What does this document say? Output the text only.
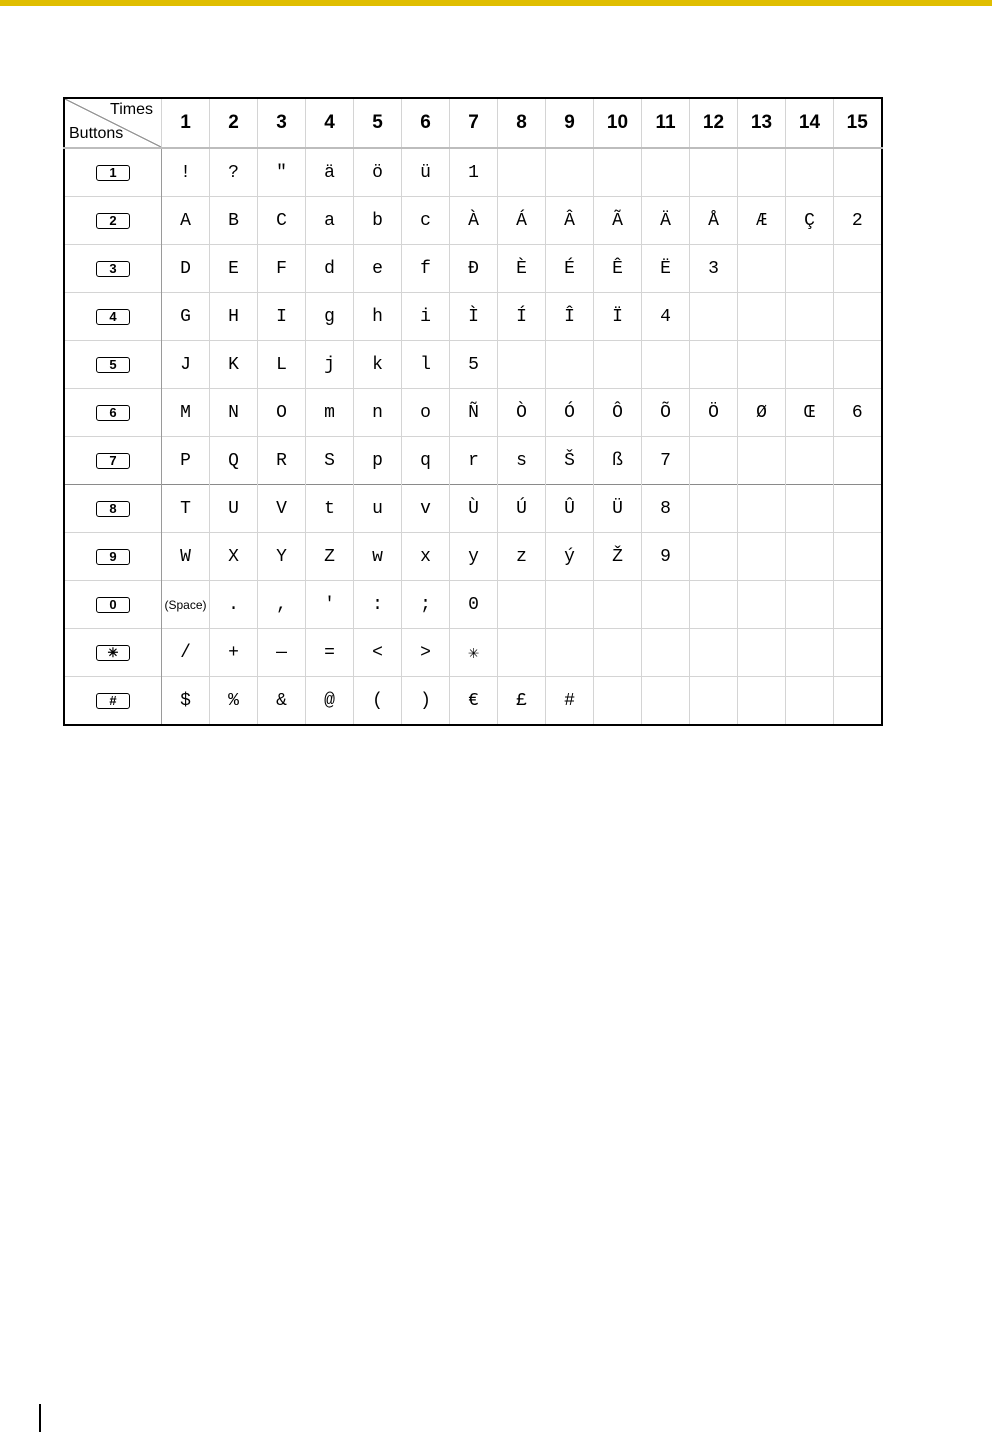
Times
Buttons	1	2	3	4	5	6	7	8	9	10	11	12	13	14	15
1	!	?	"	ä	ö	ü	1								
2	A	B	C	a	b	c	À	Á	Â	Ã	Ä	Å	Æ	Ç	2
3	D	E	F	d	e	f	Ð	È	É	Ê	Ë	3			
4	G	H	I	g	h	i	Ì	Í	Î	Ï	4				
5	J	K	L	j	k	l	5								
6	M	N	O	m	n	o	Ñ	Ò	Ó	Ô	Õ	Ö	Ø	Œ	6
7	P	Q	R	S	p	q	r	s	Š	ß	7				
8	T	U	V	t	u	v	Ù	Ú	Û	Ü	8				
9	W	X	Y	Z	w	x	y	z	ý	Ž	9				
0	(Space)	.	,	'	:	;	0								
✳	/	+	—	=	<	>	✳								
#	$	%	&	@	(	)	€	£	#						
